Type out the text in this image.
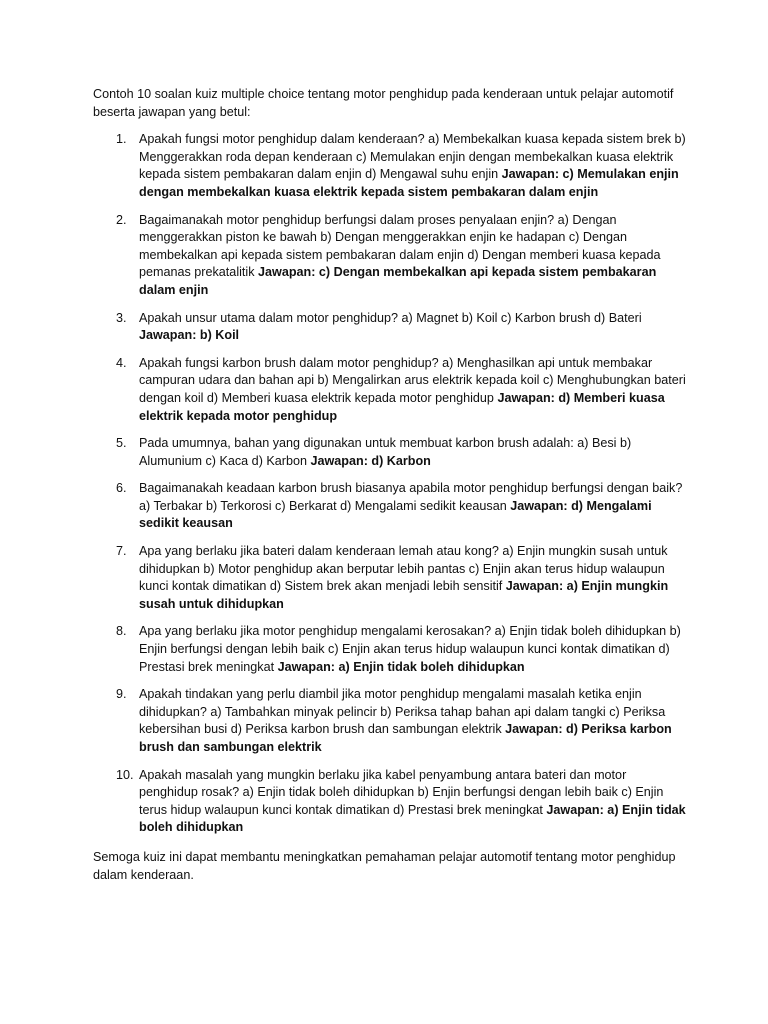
Contoh 10 soalan kuiz multiple choice tentang motor penghidup pada kenderaan untuk pelajar automotif beserta jawapan yang betul:

1. Apakah fungsi motor penghidup dalam kenderaan? a) Membekalkan kuasa kepada sistem brek b) Menggerakkan roda depan kenderaan c) Memulakan enjin dengan membekalkan kuasa elektrik kepada sistem pembakaran dalam enjin d) Mengawal suhu enjin Jawapan: c) Memulakan enjin dengan membekalkan kuasa elektrik kepada sistem pembakaran dalam enjin
2. Bagaimanakah motor penghidup berfungsi dalam proses penyalaan enjin? a) Dengan menggerakkan piston ke bawah b) Dengan menggerakkan enjin ke hadapan c) Dengan membekalkan api kepada sistem pembakaran dalam enjin d) Dengan memberi kuasa kepada pemanas prekatalitik Jawapan: c) Dengan membekalkan api kepada sistem pembakaran dalam enjin
3. Apakah unsur utama dalam motor penghidup? a) Magnet b) Koil c) Karbon brush d) Bateri Jawapan: b) Koil
4. Apakah fungsi karbon brush dalam motor penghidup? a) Menghasilkan api untuk membakar campuran udara dan bahan api b) Mengalirkan arus elektrik kepada koil c) Menghubungkan bateri dengan koil d) Memberi kuasa elektrik kepada motor penghidup Jawapan: d) Memberi kuasa elektrik kepada motor penghidup
5. Pada umumnya, bahan yang digunakan untuk membuat karbon brush adalah: a) Besi b) Alumunium c) Kaca d) Karbon Jawapan: d) Karbon
6. Bagaimanakah keadaan karbon brush biasanya apabila motor penghidup berfungsi dengan baik? a) Terbakar b) Terkorosi c) Berkarat d) Mengalami sedikit keausan Jawapan: d) Mengalami sedikit keausan
7. Apa yang berlaku jika bateri dalam kenderaan lemah atau kong? a) Enjin mungkin susah untuk dihidupkan b) Motor penghidup akan berputar lebih pantas c) Enjin akan terus hidup walaupun kunci kontak dimatikan d) Sistem brek akan menjadi lebih sensitif Jawapan: a) Enjin mungkin susah untuk dihidupkan
8. Apa yang berlaku jika motor penghidup mengalami kerosakan? a) Enjin tidak boleh dihidupkan b) Enjin berfungsi dengan lebih baik c) Enjin akan terus hidup walaupun kunci kontak dimatikan d) Prestasi brek meningkat Jawapan: a) Enjin tidak boleh dihidupkan
9. Apakah tindakan yang perlu diambil jika motor penghidup mengalami masalah ketika enjin dihidupkan? a) Tambahkan minyak pelincir b) Periksa tahap bahan api dalam tangki c) Periksa kebersihan busi d) Periksa karbon brush dan sambungan elektrik Jawapan: d) Periksa karbon brush dan sambungan elektrik
10. Apakah masalah yang mungkin berlaku jika kabel penyambung antara bateri dan motor penghidup rosak? a) Enjin tidak boleh dihidupkan b) Enjin berfungsi dengan lebih baik c) Enjin terus hidup walaupun kunci kontak dimatikan d) Prestasi brek meningkat Jawapan: a) Enjin tidak boleh dihidupkan

Semoga kuiz ini dapat membantu meningkatkan pemahaman pelajar automotif tentang motor penghidup dalam kenderaan.
